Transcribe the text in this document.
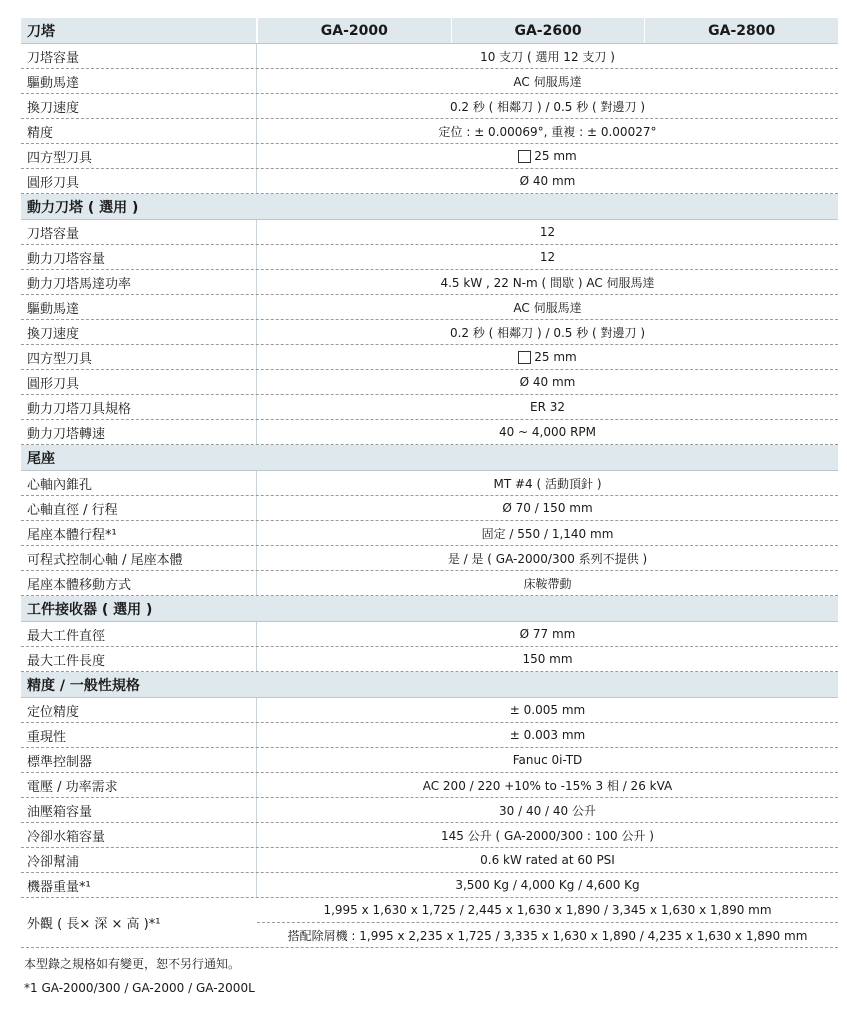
刀塔	GA-2000	GA-2600	GA-2800
刀塔容量	10 支刀 ( 選用 12 支刀 )
驅動馬達	AC 伺服馬達
換刀速度	0.2 秒 ( 相鄰刀 ) / 0.5 秒 ( 對邊刀 )
精度	定位 : ± 0.00069°, 重複 : ± 0.00027°
四方型刀具	25 mm
圓形刀具	Ø 40 mm
動力刀塔 ( 選用 )
刀塔容量	12
動力刀塔容量	12
動力刀塔馬達功率	4.5 kW , 22 N-m ( 間歇 ) AC 伺服馬達
驅動馬達	AC 伺服馬達
換刀速度	0.2 秒 ( 相鄰刀 ) / 0.5 秒 ( 對邊刀 )
四方型刀具	25 mm
圓形刀具	Ø 40 mm
動力刀塔刀具規格	ER 32
動力刀塔轉速	40 ~ 4,000 RPM
尾座
心軸內錐孔	MT #4 ( 活動頂針 )
心軸直徑 / 行程	Ø 70 / 150 mm
尾座本體行程*¹	固定 / 550 / 1,140 mm
可程式控制心軸 / 尾座本體	是 / 是 ( GA-2000/300 系列不提供 )
尾座本體移動方式	床鞍帶動
工件接收器 ( 選用 )
最大工件直徑	Ø 77 mm
最大工件長度	150 mm
精度 / 一般性規格
定位精度	± 0.005 mm
重現性	± 0.003 mm
標準控制器	Fanuc 0i-TD
電壓 / 功率需求	AC 200 / 220 +10% to -15% 3 相 / 26 kVA
油壓箱容量	30 / 40 / 40 公升
冷卻水箱容量	145 公升 ( GA-2000/300 : 100 公升 )
冷卻幫浦	0.6 kW rated at 60 PSI
機器重量*¹	3,500 Kg / 4,000 Kg / 4,600 Kg
外觀 ( 長× 深 × 高 )*¹
1,995 x 1,630 x 1,725 / 2,445 x 1,630 x 1,890 / 3,345 x 1,630 x 1,890 mm
搭配除屑機 : 1,995 x 2,235 x 1,725 / 3,335 x 1,630 x 1,890 / 4,235 x 1,630 x 1,890 mm
本型錄之規格如有變更，恕不另行通知。
*1 GA-2000/300 / GA-2000 / GA-2000L
